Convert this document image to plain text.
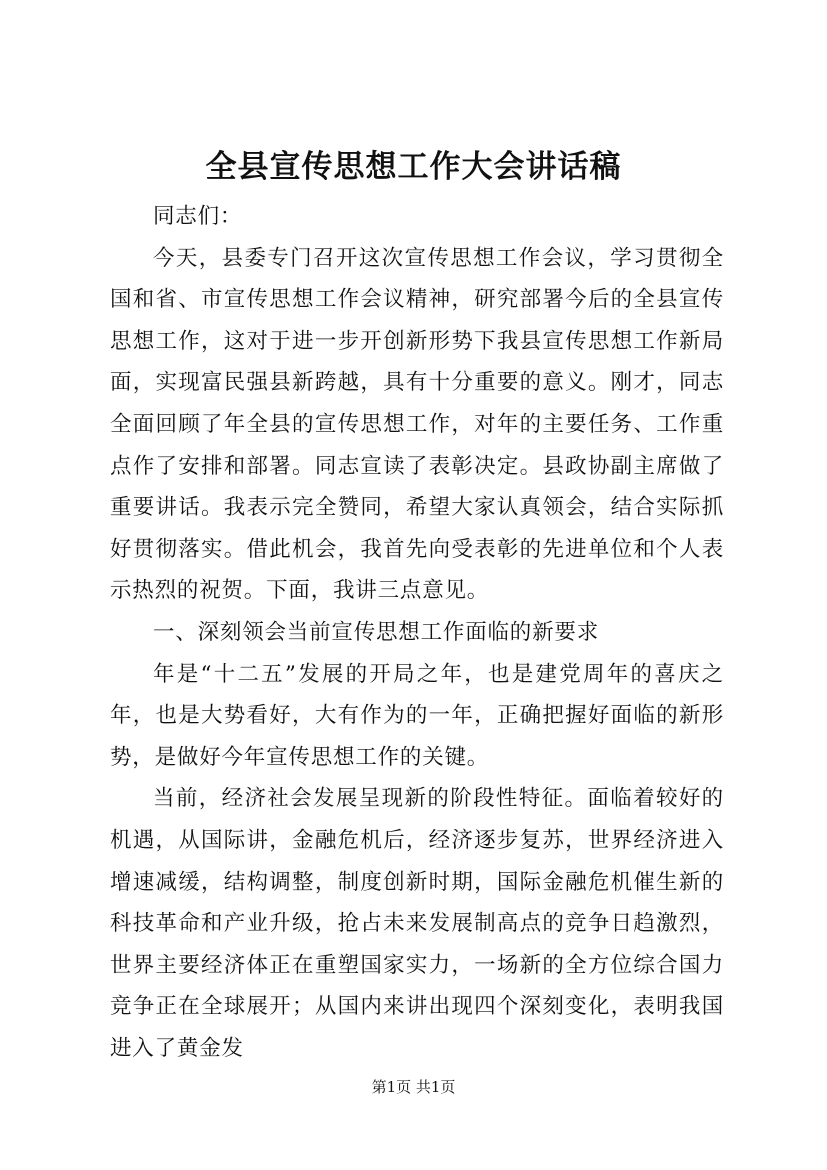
全县宣传思想工作大会讲话稿

同志们：

今天，县委专门召开这次宣传思想工作会议，学习贯彻全国和省、市宣传思想工作会议精神，研究部署今后的全县宣传思想工作，这对于进一步开创新形势下我县宣传思想工作新局面，实现富民强县新跨越，具有十分重要的意义。刚才，同志全面回顾了年全县的宣传思想工作，对年的主要任务、工作重点作了安排和部署。同志宣读了表彰决定。县政协副主席做了重要讲话。我表示完全赞同，希望大家认真领会，结合实际抓好贯彻落实。借此机会，我首先向受表彰的先进单位和个人表示热烈的祝贺。下面，我讲三点意见。

一、深刻领会当前宣传思想工作面临的新要求

年是“十二五”发展的开局之年，也是建党周年的喜庆之年，也是大势看好，大有作为的一年，正确把握好面临的新形势，是做好今年宣传思想工作的关键。

当前，经济社会发展呈现新的阶段性特征。面临着较好的机遇，从国际讲，金融危机后，经济逐步复苏，世界经济进入增速减缓，结构调整，制度创新时期，国际金融危机催生新的科技革命和产业升级，抢占未来发展制高点的竞争日趋激烈，世界主要经济体正在重塑国家实力，一场新的全方位综合国力竞争正在全球展开；从国内来讲出现四个深刻变化，表明我国进入了黄金发

第1页 共1页
